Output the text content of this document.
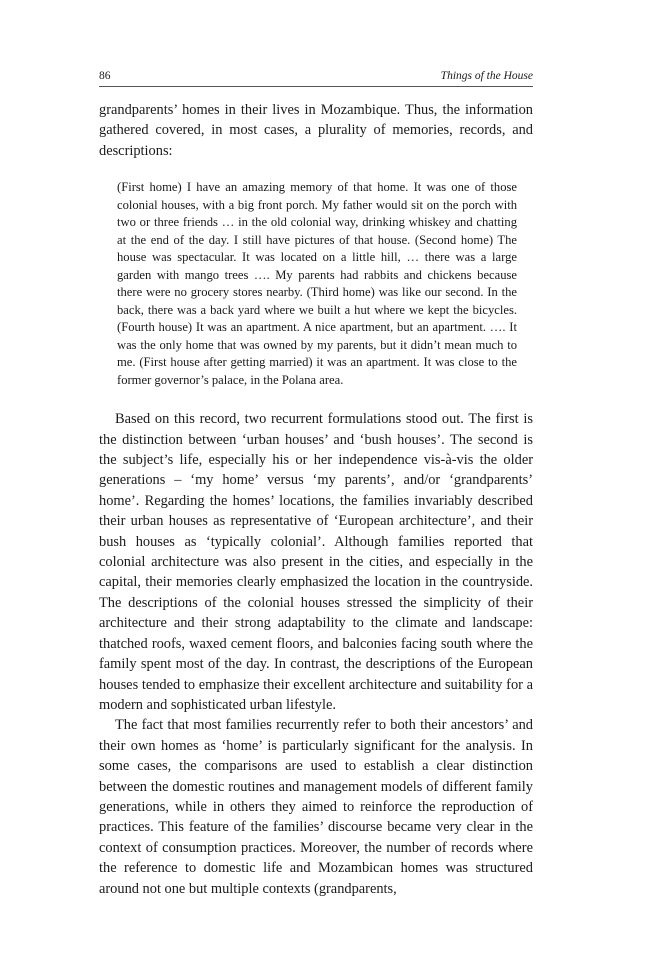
86	Things of the House

grandparents’ homes in their lives in Mozambique. Thus, the information gathered covered, in most cases, a plurality of memories, records, and descriptions:

(First home) I have an amazing memory of that home. It was one of those colonial houses, with a big front porch. My father would sit on the porch with two or three friends … in the old colonial way, drinking whiskey and chatting at the end of the day. I still have pictures of that house. (Second home) The house was spectacular. It was located on a little hill, … there was a large garden with mango trees …. My parents had rabbits and chickens because there were no grocery stores nearby. (Third home) was like our second. In the back, there was a back yard where we built a hut where we kept the bicycles. (Fourth house) It was an apartment. A nice apartment, but an apartment. …. It was the only home that was owned by my parents, but it didn’t mean much to me. (First house after getting married) it was an apartment. It was close to the former governor’s palace, in the Polana area.

Based on this record, two recurrent formulations stood out. The first is the distinction between ‘urban houses’ and ‘bush houses’. The second is the subject’s life, especially his or her independence vis-à-vis the older generations – ‘my home’ versus ‘my parents’, and/or ‘grandparents’ home’. Regarding the homes’ locations, the families invariably described their urban houses as representative of ‘European architecture’, and their bush houses as ‘typically colonial’. Although families reported that colonial architecture was also present in the cities, and especially in the capital, their memories clearly emphasized the location in the countryside. The descriptions of the colonial houses stressed the simplicity of their architecture and their strong adaptability to the climate and landscape: thatched roofs, waxed cement floors, and balconies facing south where the family spent most of the day. In contrast, the descriptions of the European houses tended to emphasize their excellent architecture and suitability for a modern and sophisticated urban lifestyle.

The fact that most families recurrently refer to both their ancestors’ and their own homes as ‘home’ is particularly significant for the analysis. In some cases, the comparisons are used to establish a clear distinction between the domestic routines and management models of different family generations, while in others they aimed to reinforce the reproduction of practices. This feature of the families’ discourse became very clear in the context of consumption practices. Moreover, the number of records where the reference to domestic life and Mozambican homes was structured around not one but multiple contexts (grandparents,
